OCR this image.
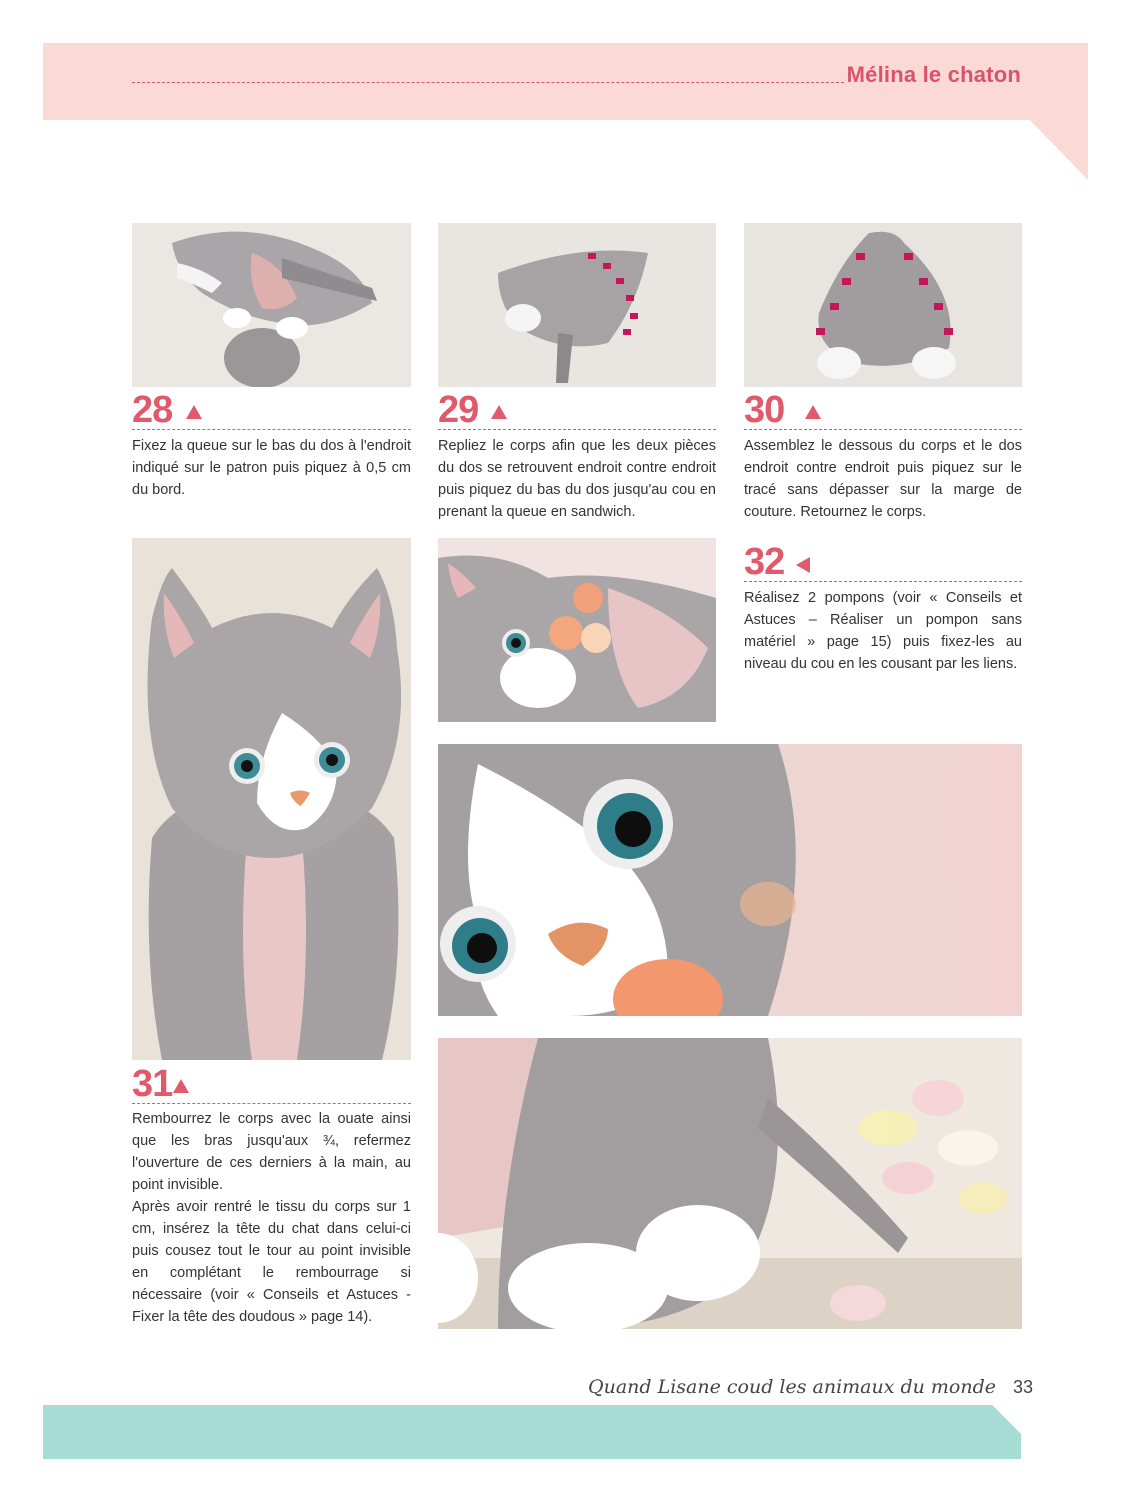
Mélina le chaton
28
Fixez la queue sur le bas du dos à l'endroit indiqué sur le patron puis piquez à 0,5 cm du bord.
29
Repliez le corps afin que les deux pièces du dos se retrouvent endroit contre endroit puis piquez du bas du dos jusqu'au cou en prenant la queue en sandwich.
30
Assemblez le dessous du corps et le dos endroit contre endroit puis piquez sur le tracé sans dépasser sur la marge de couture. Retournez le corps.
32
Réalisez 2 pompons (voir « Conseils et Astuces – Réaliser un pompon sans matériel » page 15) puis fixez-les au niveau du cou en les cousant par les liens.
31

Rembourrez le corps avec la ouate ainsi que les bras jusqu'aux ¾, refermez l'ouverture de ces derniers à la main, au point invisible.

Après avoir rentré le tissu du corps sur 1 cm, insérez la tête du chat dans celui-ci puis cousez tout le tour au point invisible en complétant le rembourrage si nécessaire (voir « Conseils et Astuces - Fixer la tête des doudous » page 14).

Quand Lisane coud les animaux du monde 33
